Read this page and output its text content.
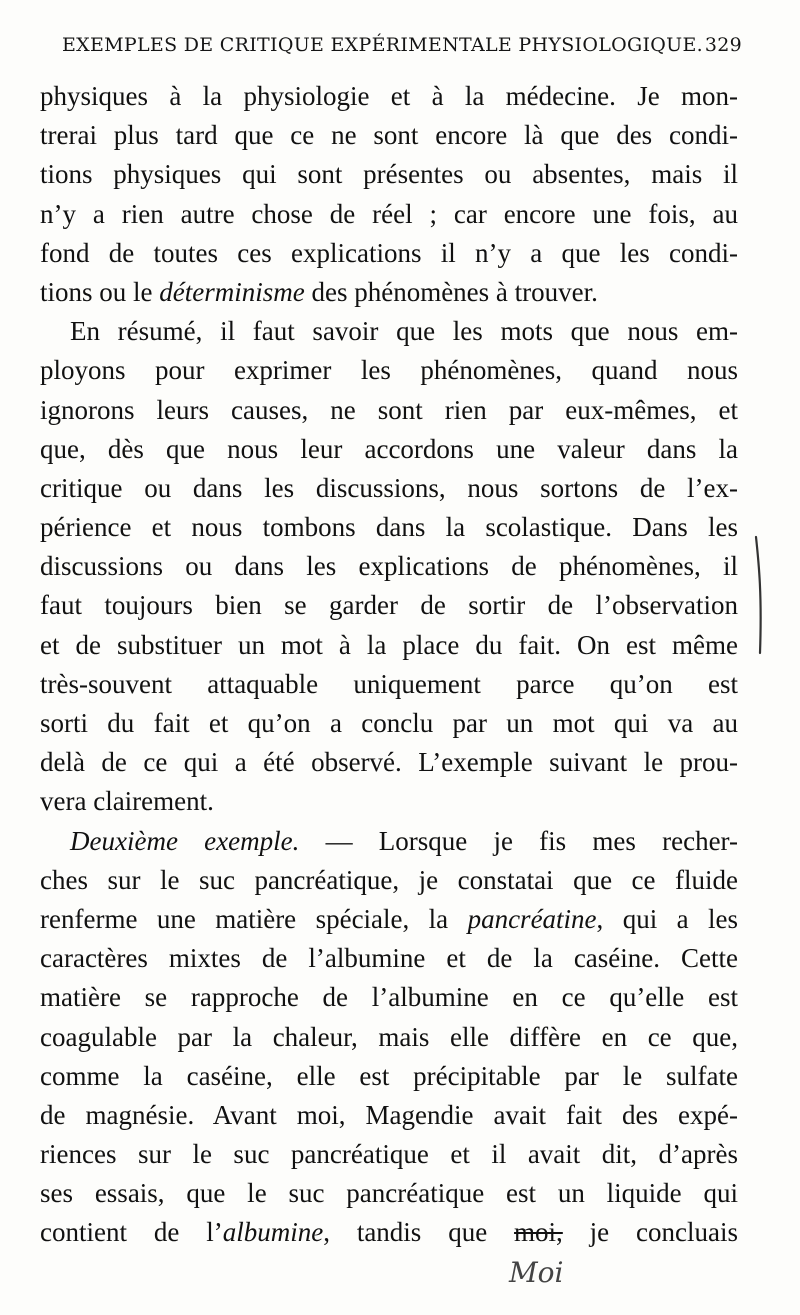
EXEMPLES DE CRITIQUE EXPÉRIMENTALE PHYSIOLOGIQUE. 329
physiques à la physiologie et à la médecine. Je mon-
trerai plus tard que ce ne sont encore là que des condi-
tions physiques qui sont présentes ou absentes, mais il
n’y a rien autre chose de réel ; car encore une fois, au
fond de toutes ces explications il n’y a que les condi-
tions ou le déterminisme des phénomènes à trouver.
En résumé, il faut savoir que les mots que nous em-
ployons pour exprimer les phénomènes, quand nous
ignorons leurs causes, ne sont rien par eux-mêmes, et
que, dès que nous leur accordons une valeur dans la
critique ou dans les discussions, nous sortons de l’ex-
périence et nous tombons dans la scolastique. Dans les
discussions ou dans les explications de phénomènes, il
faut toujours bien se garder de sortir de l’observation
et de substituer un mot à la place du fait. On est même
très-souvent attaquable uniquement parce qu’on est
sorti du fait et qu’on a conclu par un mot qui va au
delà de ce qui a été observé. L’exemple suivant le prou-
vera clairement.
Deuxième exemple. — Lorsque je fis mes recher-
ches sur le suc pancréatique, je constatai que ce fluide
renferme une matière spéciale, la pancréatine, qui a les
caractères mixtes de l’albumine et de la caséine. Cette
matière se rapproche de l’albumine en ce qu’elle est
coagulable par la chaleur, mais elle diffère en ce que,
comme la caséine, elle est précipitable par le sulfate
de magnésie. Avant moi, Magendie avait fait des expé-
riences sur le suc pancréatique et il avait dit, d’après
ses essais, que le suc pancréatique est un liquide qui
contient de l’albumine, tandis que moi, je concluais
Moi
